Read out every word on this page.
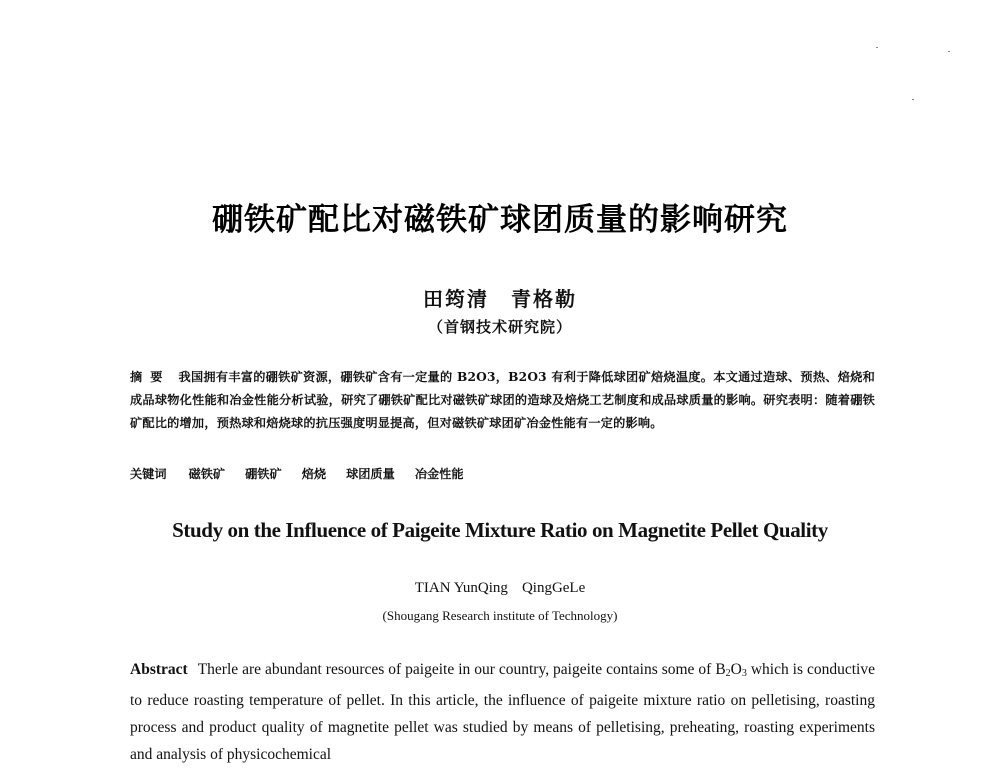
硼铁矿配比对磁铁矿球团质量的影响研究
田筠清 青格勒
（首钢技术研究院）
摘要 我国拥有丰富的硼铁矿资源，硼铁矿含有一定量的 B2O3，B2O3 有利于降低球团矿焙烧温度。本文通过造球、预热、焙烧和成品球物化性能和冶金性能分析试验，研究了硼铁矿配比对磁铁矿球团的造球及焙烧工艺制度和成品球质量的影响。研究表明：随着硼铁矿配比的增加，预热球和焙烧球的抗压强度明显提高，但对磁铁矿球团矿冶金性能有一定的影响。
关键词 磁铁矿 硼铁矿 焙烧 球团质量 冶金性能
Study on the Influence of Paigeite Mixture Ratio on Magnetite Pellet Quality
TIAN YunQing QingGeLe
(Shougang Research institute of Technology)

Abstract Therle are abundant resources of paigeite in our country, paigeite contains some of $B_2O_3$ which is conductive to reduce roasting temperature of pellet. In this article, the influence of paigeite mixture ratio on pelletising, roasting process and product quality of magnetite pellet was studied by means of pelletising, preheating, roasting experiments and analysis of physicochemical
